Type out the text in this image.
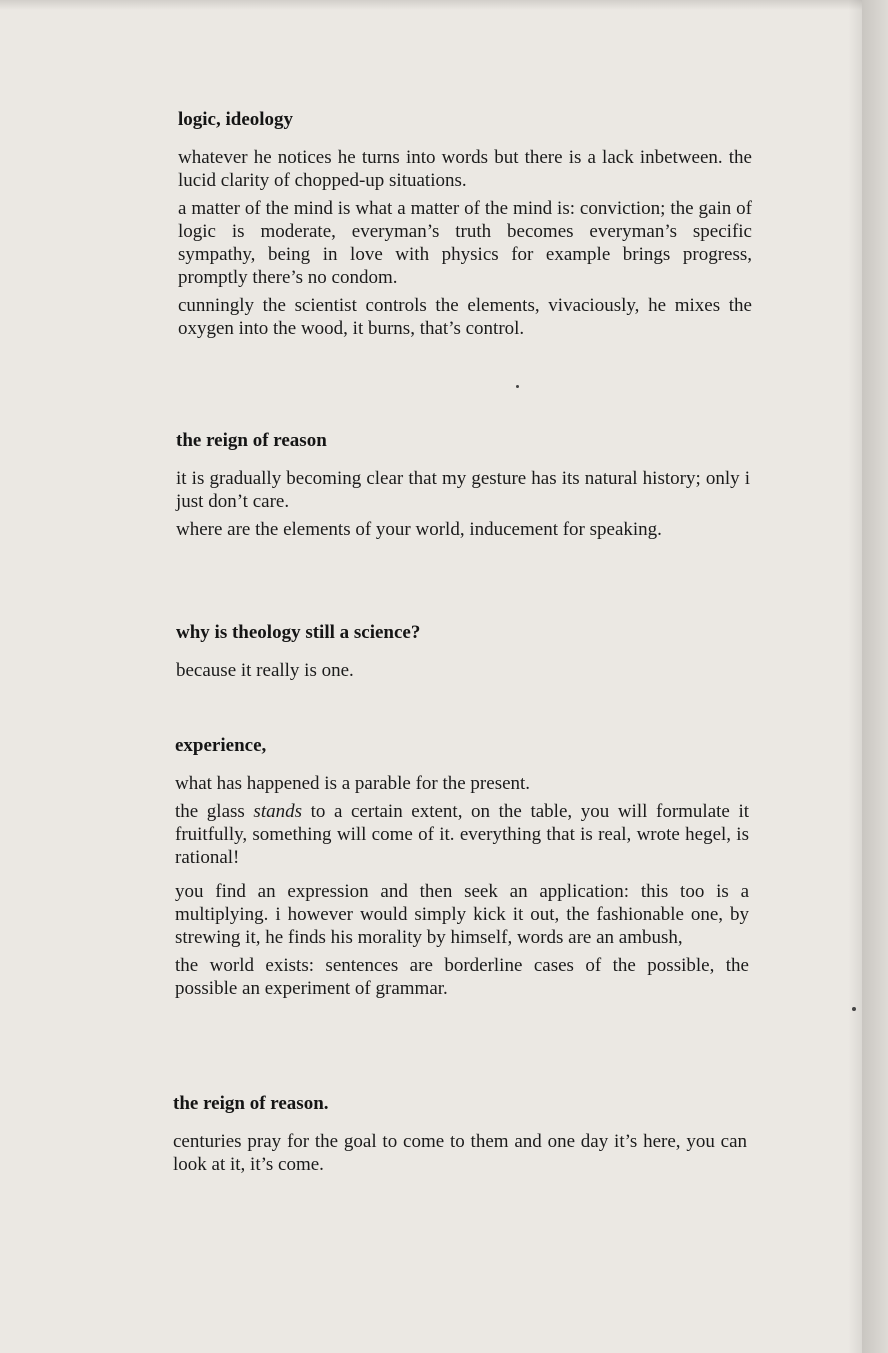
logic, ideology

whatever he notices he turns into words but there is a lack inbetween. the lucid clarity of chopped-up situations.

a matter of the mind is what a matter of the mind is: conviction; the gain of logic is moderate, everyman’s truth becomes everyman’s specific sympathy, being in love with physics for example brings progress, promptly there’s no condom.

cunningly the scientist controls the elements, vivaciously, he mixes the oxygen into the wood, it burns, that’s control.

the reign of reason

it is gradually becoming clear that my gesture has its natural history; only i just don’t care.

where are the elements of your world, inducement for speaking.

why is theology still a science?

because it really is one.

experience,

what has happened is a parable for the present.

the glass stands to a certain extent, on the table, you will formulate it fruitfully, something will come of it. everything that is real, wrote hegel, is rational!

you find an expression and then seek an application: this too is a multiplying. i however would simply kick it out, the fashionable one, by strewing it, he finds his morality by himself, words are an ambush,

the world exists: sentences are borderline cases of the possible, the possible an experiment of grammar.

the reign of reason.

centuries pray for the goal to come to them and one day it’s here, you can look at it, it’s come.
